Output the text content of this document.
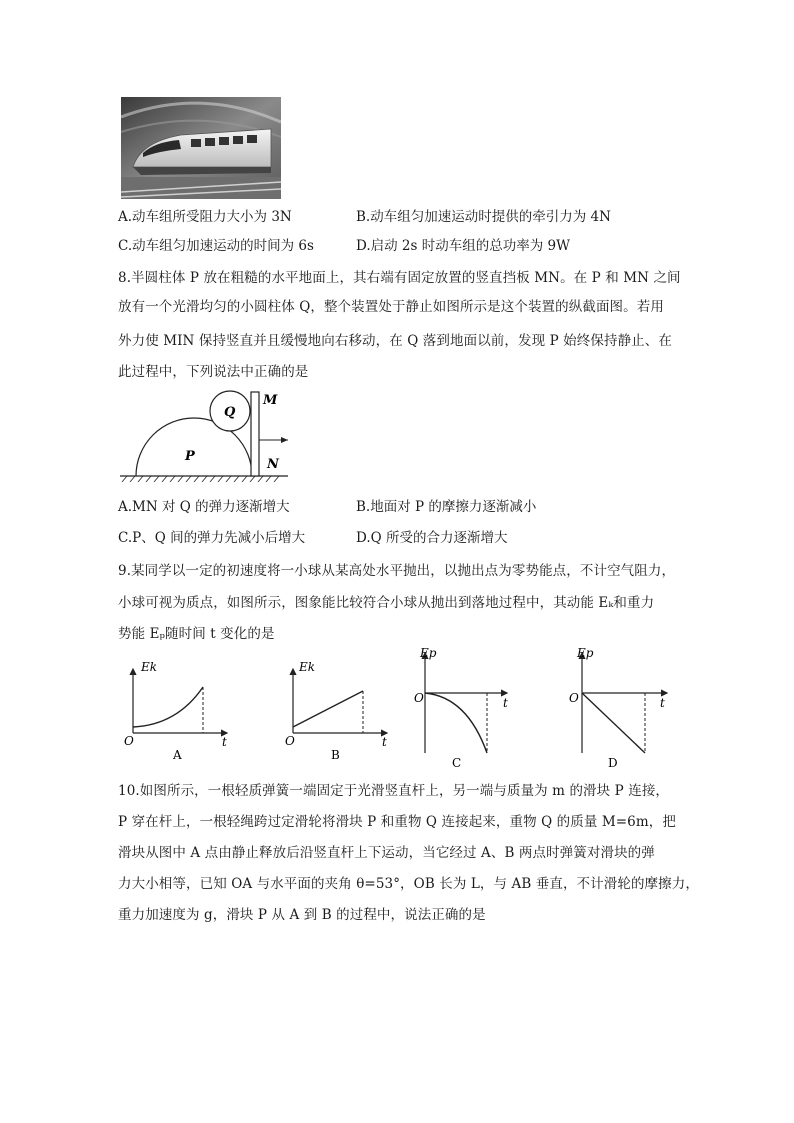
A.动车组所受阻力大小为 3N	B.动车组匀加速运动时提供的牵引力为 4N
C.动车组匀加速运动的时间为 6s	D.启动 2s 时动车组的总功率为 9W
8.半圆柱体 P 放在粗糙的水平地面上，其右端有固定放置的竖直挡板 MN。在 P 和 MN 之间
放有一个光滑均匀的小圆柱体 Q，整个装置处于静止如图所示是这个装置的纵截面图。若用
外力使 MIN 保持竖直并且缓慢地向右移动，在 Q 落到地面以前，发现 P 始终保持静止、在
此过程中，下列说法中正确的是
P
Q
M
N
A.MN 对 Q 的弹力逐渐增大	B.地面对 P 的摩擦力逐渐减小
C.P、Q 间的弹力先减小后增大	D.Q 所受的合力逐渐增大
9.某同学以一定的初速度将一小球从某高处水平抛出，以抛出点为零势能点，不计空气阻力，
小球可视为质点，如图所示，图象能比较符合小球从抛出到落地过程中，其动能 Eₖ和重力
势能 Eₚ随时间 t 变化的是
Ek
O	t
A
Ek
O	t
B
Ep
O	t
C
Ep
O	t
D
10.如图所示，一根轻质弹簧一端固定于光滑竖直杆上，另一端与质量为 m 的滑块 P 连接，
P 穿在杆上，一根轻绳跨过定滑轮将滑块 P 和重物 Q 连接起来，重物 Q 的质量 M=6m，把
滑块从图中 A 点由静止释放后沿竖直杆上下运动，当它经过 A、B 两点时弹簧对滑块的弹
力大小相等，已知 OA 与水平面的夹角 θ=53°，OB 长为 L，与 AB 垂直，不计滑轮的摩擦力，
重力加速度为 g，滑块 P 从 A 到 B 的过程中，说法正确的是
